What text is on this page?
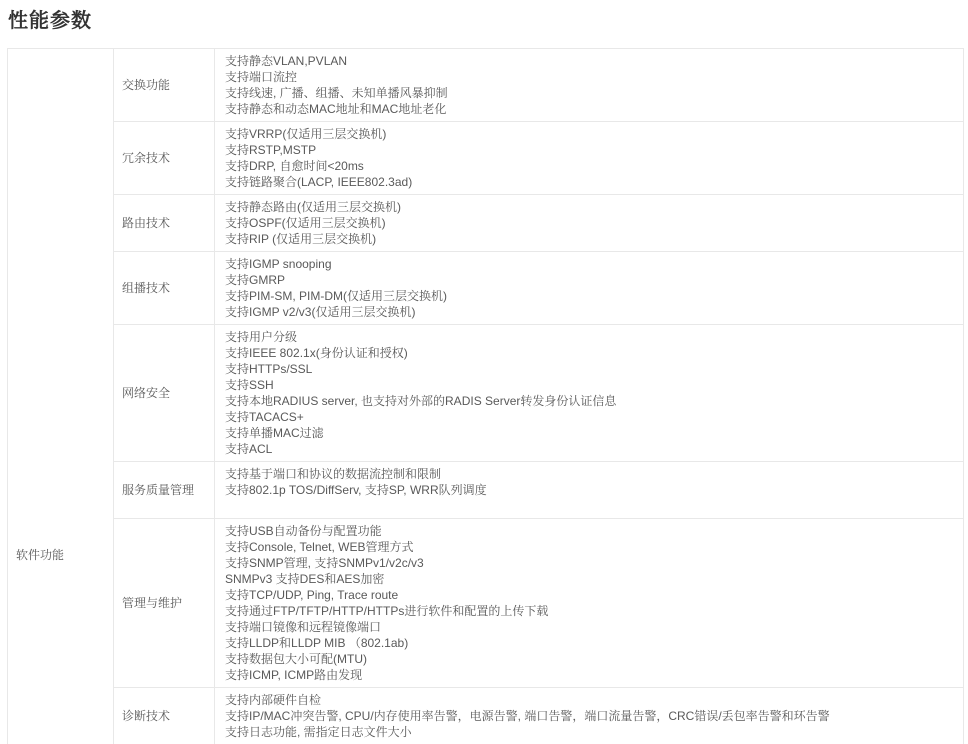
性能参数
软件功能
交换功能
支持静态VLAN,PVLAN
支持端口流控
支持线速, 广播、组播、未知单播风暴抑制
支持静态和动态MAC地址和MAC地址老化
冗余技术
支持VRRP(仅适用三层交换机)
支持RSTP,MSTP
支持DRP, 自愈时间<20ms
支持链路聚合(LACP, IEEE802.3ad)
路由技术
支持静态路由(仅适用三层交换机)
支持OSPF(仅适用三层交换机)
支持RIP (仅适用三层交换机)
组播技术
支持IGMP snooping
支持GMRP
支持PIM-SM, PIM-DM(仅适用三层交换机)
支持IGMP v2/v3(仅适用三层交换机)
网络安全
支持用户分级
支持IEEE 802.1x(身份认证和授权)
支持HTTPs/SSL
支持SSH
支持本地RADIUS server, 也支持对外部的RADIS Server转发身份认证信息
支持TACACS+
支持单播MAC过滤
支持ACL
服务质量管理
支持基于端口和协议的数据流控制和限制
支持802.1p TOS/DiffServ, 支持SP, WRR队列调度
管理与维护
支持USB自动备份与配置功能
支持Console, Telnet, WEB管理方式
支持SNMP管理, 支持SNMPv1/v2c/v3
SNMPv3 支持DES和AES加密
支持TCP/UDP, Ping, Trace route
支持通过FTP/TFTP/HTTP/HTTPs进行软件和配置的上传下载
支持端口镜像和远程镜像端口
支持LLDP和LLDP MIB （802.1ab)
支持数据包大小可配(MTU)
支持ICMP, ICMP路由发现
诊断技术
支持内部硬件自检
支持IP/MAC冲突告警, CPU/内存使用率告警，电源告警, 端口告警，端口流量告警，CRC错误/丢包率告警和环告警
支持日志功能, 需指定日志文件大小
